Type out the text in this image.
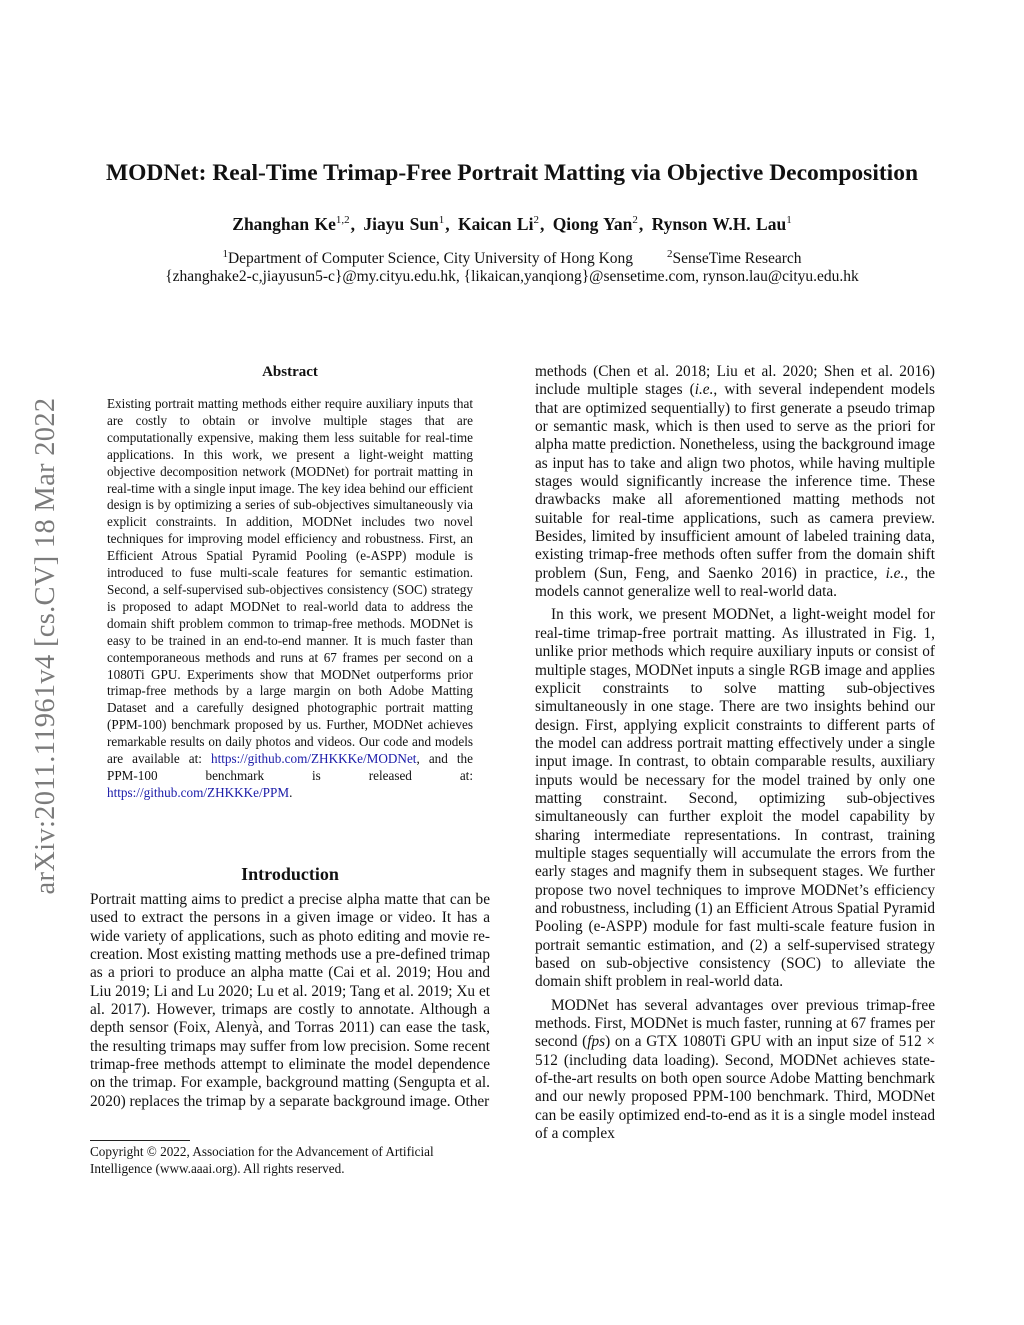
arXiv:2011.11961v4 [cs.CV] 18 Mar 2022
MODNet: Real-Time Trimap-Free Portrait Matting via Objective Decomposition
Zhanghan Ke$^{1,2}$, Jiayu Sun$^1$, Kaican Li$^2$, Qiong Yan$^2$, Rynson W.H. Lau$^1$
$^1$Department of Computer Science, City University of Hong Kong	$^2$SenseTime Research
{zhanghake2-c,jiayusun5-c}@my.cityu.edu.hk, {likaican,yanqiong}@sensetime.com, rynson.lau@cityu.edu.hk
Abstract
Existing portrait matting methods either require auxiliary inputs that are costly to obtain or involve multiple stages that are computationally expensive, making them less suitable for real-time applications. In this work, we present a light-weight matting objective decomposition network (MODNet) for portrait matting in real-time with a single input image. The key idea behind our efficient design is by optimizing a series of sub-objectives simultaneously via explicit constraints. In addition, MODNet includes two novel techniques for improving model efficiency and robustness. First, an Efficient Atrous Spatial Pyramid Pooling (e-ASPP) module is introduced to fuse multi-scale features for semantic estimation. Second, a self-supervised sub-objectives consistency (SOC) strategy is proposed to adapt MODNet to real-world data to address the domain shift problem common to trimap-free methods. MODNet is easy to be trained in an end-to-end manner. It is much faster than contemporaneous methods and runs at 67 frames per second on a 1080Ti GPU. Experiments show that MODNet outperforms prior trimap-free methods by a large margin on both Adobe Matting Dataset and a carefully designed photographic portrait matting (PPM-100) benchmark proposed by us. Further, MODNet achieves remarkable results on daily photos and videos. Our code and models are available at: https://github.com/ZHKKKe/MODNet, and the PPM-100 benchmark is released at: https://github.com/ZHKKKe/PPM.
Introduction
Portrait matting aims to predict a precise alpha matte that can be used to extract the persons in a given image or video. It has a wide variety of applications, such as photo editing and movie re-creation. Most existing matting methods use a pre-defined trimap as a priori to produce an alpha matte (Cai et al. 2019; Hou and Liu 2019; Li and Lu 2020; Lu et al. 2019; Tang et al. 2019; Xu et al. 2017). However, trimaps are costly to annotate. Although a depth sensor (Foix, Alenyà, and Torras 2011) can ease the task, the resulting trimaps may suffer from low precision. Some recent trimap-free methods attempt to eliminate the model dependence on the trimap. For example, background matting (Sengupta et al. 2020) replaces the trimap by a separate background image. Other
Copyright © 2022, Association for the Advancement of Artificial Intelligence (www.aaai.org). All rights reserved.

methods (Chen et al. 2018; Liu et al. 2020; Shen et al. 2016) include multiple stages (i.e., with several independent models that are optimized sequentially) to first generate a pseudo trimap or semantic mask, which is then used to serve as the priori for alpha matte prediction. Nonetheless, using the background image as input has to take and align two photos, while having multiple stages would significantly increase the inference time. These drawbacks make all aforementioned matting methods not suitable for real-time applications, such as camera preview. Besides, limited by insufficient amount of labeled training data, existing trimap-free methods often suffer from the domain shift problem (Sun, Feng, and Saenko 2016) in practice, i.e., the models cannot generalize well to real-world data.

In this work, we present MODNet, a light-weight model for real-time trimap-free portrait matting. As illustrated in Fig. 1, unlike prior methods which require auxiliary inputs or consist of multiple stages, MODNet inputs a single RGB image and applies explicit constraints to solve matting sub-objectives simultaneously in one stage. There are two insights behind our design. First, applying explicit constraints to different parts of the model can address portrait matting effectively under a single input image. In contrast, to obtain comparable results, auxiliary inputs would be necessary for the model trained by only one matting constraint. Second, optimizing sub-objectives simultaneously can further exploit the model capability by sharing intermediate representations. In contrast, training multiple stages sequentially will accumulate the errors from the early stages and magnify them in subsequent stages. We further propose two novel techniques to improve MODNet’s efficiency and robustness, including (1) an Efficient Atrous Spatial Pyramid Pooling (e-ASPP) module for fast multi-scale feature fusion in portrait semantic estimation, and (2) a self-supervised strategy based on sub-objective consistency (SOC) to alleviate the domain shift problem in real-world data.

MODNet has several advantages over previous trimap-free methods. First, MODNet is much faster, running at 67 frames per second (fps) on a GTX 1080Ti GPU with an input size of 512 × 512 (including data loading). Second, MODNet achieves state-of-the-art results on both open source Adobe Matting benchmark and our newly proposed PPM-100 benchmark. Third, MODNet can be easily optimized end-to-end as it is a single model instead of a complex
